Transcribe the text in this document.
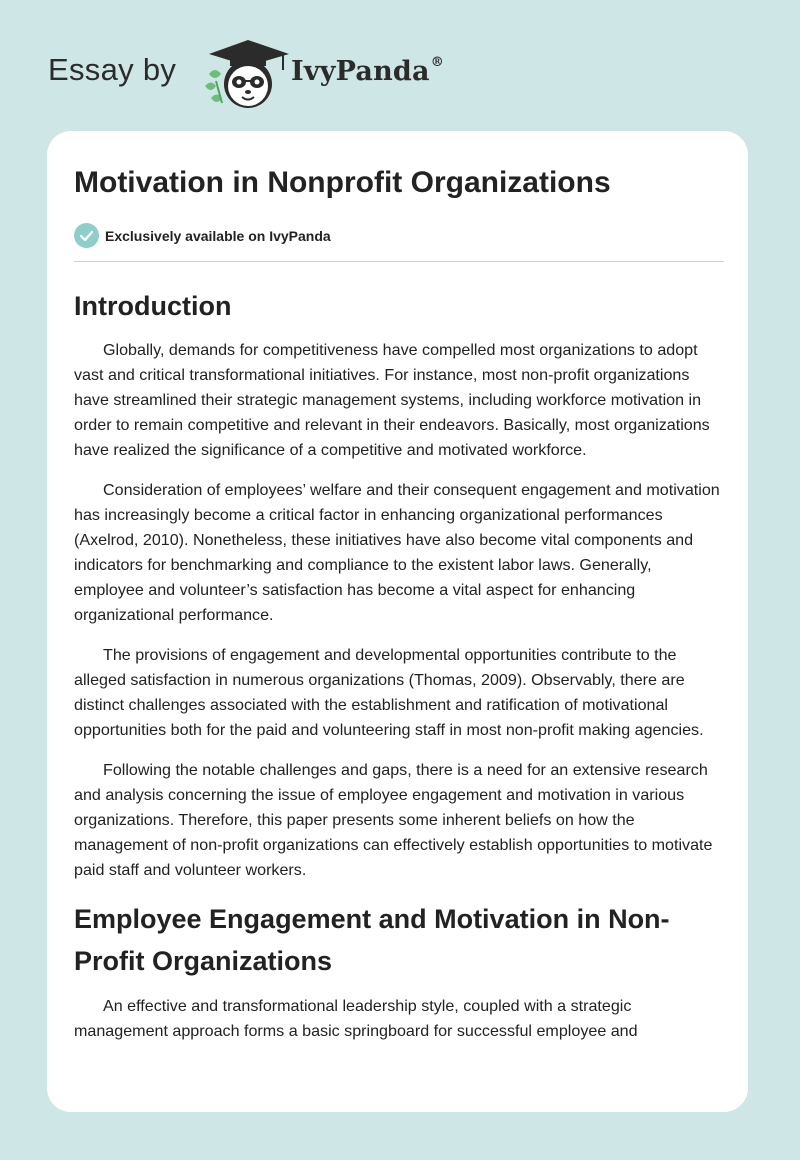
Essay by	IvyPanda®
Motivation in Nonprofit Organizations
Exclusively available on IvyPanda
Introduction

Globally, demands for competitiveness have compelled most organizations to adopt vast and critical transformational initiatives. For instance, most non-profit organizations have streamlined their strategic management systems, including workforce motivation in order to remain competitive and relevant in their endeavors. Basically, most organizations have realized the significance of a competitive and motivated workforce.

Consideration of employees’ welfare and their consequent engagement and motivation has increasingly become a critical factor in enhancing organizational performances (Axelrod, 2010). Nonetheless, these initiatives have also become vital components and indicators for benchmarking and compliance to the existent labor laws. Generally, employee and volunteer’s satisfaction has become a vital aspect for enhancing organizational performance.

The provisions of engagement and developmental opportunities contribute to the alleged satisfaction in numerous organizations (Thomas, 2009). Observably, there are distinct challenges associated with the establishment and ratification of motivational opportunities both for the paid and volunteering staff in most non-profit making agencies.

Following the notable challenges and gaps, there is a need for an extensive research and analysis concerning the issue of employee engagement and motivation in various organizations. Therefore, this paper presents some inherent beliefs on how the management of non-profit organizations can effectively establish opportunities to motivate paid staff and volunteer workers.

Employee Engagement and Motivation in Non-Profit Organizations

An effective and transformational leadership style, coupled with a strategic management approach forms a basic springboard for successful employee and
